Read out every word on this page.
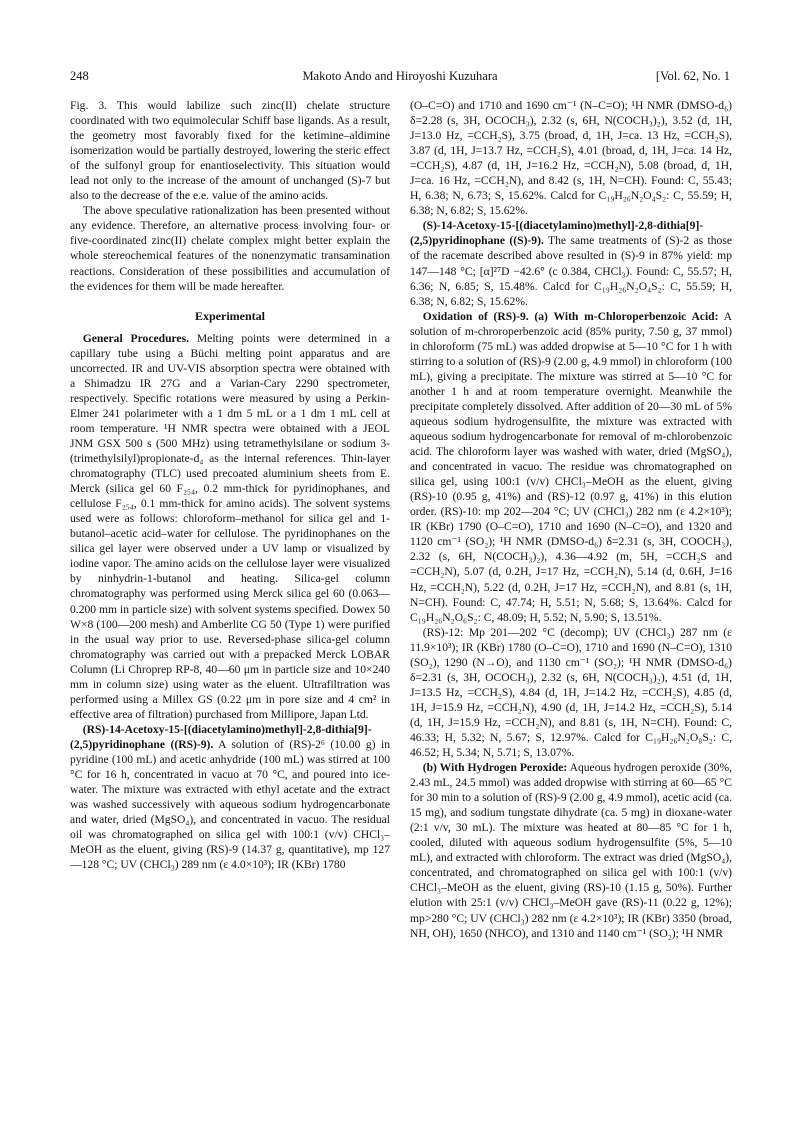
248	Makoto Ando and Hiroyoshi Kuzuhara	[Vol. 62, No. 1

Fig. 3. This would labilize such zinc(II) chelate structure coordinated with two equimolecular Schiff base ligands. As a result, the geometry most favorably fixed for the ketimine–aldimine isomerization would be partially destroyed, lowering the steric effect of the sulfonyl group for enantioselectivity. This situation would lead not only to the increase of the amount of unchanged (S)-7 but also to the decrease of the e.e. value of the amino acids.

The above speculative rationalization has been presented without any evidence. Therefore, an alternative process involving four- or five-coordinated zinc(II) chelate complex might better explain the whole stereochemical features of the nonenzymatic transamination reactions. Consideration of these possibilities and accumulation of the evidences for them will be made hereafter.

Experimental

General Procedures. Melting points were determined in a capillary tube using a Büchi melting point apparatus and are uncorrected. IR and UV-VIS absorption spectra were obtained with a Shimadzu IR 27G and a Varian-Cary 2290 spectrometer, respectively. Specific rotations were measured by using a Perkin-Elmer 241 polarimeter with a 1 dm 5 mL or a 1 dm 1 mL cell at room temperature. ¹H NMR spectra were obtained with a JEOL JNM GSX 500 s (500 MHz) using tetramethylsilane or sodium 3-(trimethylsilyl)propionate-d₄ as the internal references. Thin-layer chromatography (TLC) used precoated aluminium sheets from E. Merck (silica gel 60 F₂₅₄, 0.2 mm-thick for pyridinophanes, and cellulose F₂₅₄, 0.1 mm-thick for amino acids). The solvent systems used were as follows: chloroform–methanol for silica gel and 1-butanol–acetic acid–water for cellulose. The pyridinophanes on the silica gel layer were observed under a UV lamp or visualized by iodine vapor. The amino acids on the cellulose layer were visualized by ninhydrin-1-butanol and heating. Silica-gel column chromatography was performed using Merck silica gel 60 (0.063—0.200 mm in particle size) with solvent systems specified. Dowex 50 W×8 (100—200 mesh) and Amberlite CG 50 (Type 1) were purified in the usual way prior to use. Reversed-phase silica-gel column chromatography was carried out with a prepacked Merck LOBAR Column (Li Chroprep RP-8, 40—60 μm in particle size and 10×240 mm in column size) using water as the eluent. Ultrafiltration was performed using a Millex GS (0.22 μm in pore size and 4 cm² in effective area of filtration) purchased from Millipore, Japan Ltd.

(RS)-14-Acetoxy-15-[(diacetylamino)methyl]-2,8-dithia[9]-(2,5)pyridinophane ((RS)-9). A solution of (RS)-2⁶ (10.00 g) in pyridine (100 mL) and acetic anhydride (100 mL) was stirred at 100 °C for 16 h, concentrated in vacuo at 70 °C, and poured into ice-water. The mixture was extracted with ethyl acetate and the extract was washed successively with aqueous sodium hydrogencarbonate and water, dried (MgSO₄), and concentrated in vacuo. The residual oil was chromatographed on silica gel with 100:1 (v/v) CHCl₃–MeOH as the eluent, giving (RS)-9 (14.37 g, quantitative), mp 127—128 °C; UV (CHCl₃) 289 nm (ε 4.0×10³); IR (KBr) 1780

(O–C=O) and 1710 and 1690 cm⁻¹ (N–C=O); ¹H NMR (DMSO-d₆) δ=2.28 (s, 3H, OCOCH₃), 2.32 (s, 6H, N(COCH₃)₂), 3.52 (d, 1H, J=13.0 Hz, =CCH₂S), 3.75 (broad, d, 1H, J=ca. 13 Hz, =CCH₂S), 3.87 (d, 1H, J=13.7 Hz, =CCH₂S), 4.01 (broad, d, 1H, J=ca. 14 Hz, =CCH₂S), 4.87 (d, 1H, J=16.2 Hz, =CCH₂N), 5.08 (broad, d, 1H, J=ca. 16 Hz, =CCH₂N), and 8.42 (s, 1H, N=CH). Found: C, 55.43; H, 6.38; N, 6.73; S, 15.62%. Calcd for C₁₉H₂₆N₂O₄S₂: C, 55.59; H, 6.38; N, 6.82; S, 15.62%.

(S)-14-Acetoxy-15-[(diacetylamino)methyl]-2,8-dithia[9]-(2,5)pyridinophane ((S)-9). The same treatments of (S)-2 as those of the racemate described above resulted in (S)-9 in 87% yield: mp 147—148 °C; [α]²⁷D −42.6° (c 0.384, CHCl₃). Found: C, 55.57; H, 6.36; N, 6.85; S, 15.48%. Calcd for C₁₉H₂₆N₂O₄S₂: C, 55.59; H, 6.38; N, 6.82; S, 15.62%.

Oxidation of (RS)-9. (a) With m-Chloroperbenzoic Acid: A solution of m-chroroperbenzoic acid (85% purity, 7.50 g, 37 mmol) in chloroform (75 mL) was added dropwise at 5—10 °C for 1 h with stirring to a solution of (RS)-9 (2.00 g, 4.9 mmol) in chloroform (100 mL), giving a precipitate. The mixture was stirred at 5—10 °C for another 1 h and at room temperature overnight. Meanwhile the precipitate completely dissolved. After addition of 20—30 mL of 5% aqueous sodium hydrogensulfite, the mixture was extracted with aqueous sodium hydrogencarbonate for removal of m-chlorobenzoic acid. The chloroform layer was washed with water, dried (MgSO₄), and concentrated in vacuo. The residue was chromatographed on silica gel, using 100:1 (v/v) CHCl₃–MeOH as the eluent, giving (RS)-10 (0.95 g, 41%) and (RS)-12 (0.97 g, 41%) in this elution order. (RS)-10: mp 202—204 °C; UV (CHCl₃) 282 nm (ε 4.2×10³); IR (KBr) 1790 (O–C=O), 1710 and 1690 (N–C=O), and 1320 and 1120 cm⁻¹ (SO₂); ¹H NMR (DMSO-d₆) δ=2.31 (s, 3H, COOCH₃), 2.32 (s, 6H, N(COCH₃)₂), 4.36—4.92 (m, 5H, =CCH₂S and =CCH₂N), 5.07 (d, 0.2H, J=17 Hz, =CCH₂N), 5.14 (d, 0.6H, J=16 Hz, =CCH₂N), 5.22 (d, 0.2H, J=17 Hz, =CCH₂N), and 8.81 (s, 1H, N=CH). Found: C, 47.74; H, 5.51; N, 5.68; S, 13.64%. Calcd for C₁₉H₂₆N₂O₆S₂: C, 48.09; H, 5.52; N, 5.90; S, 13.51%.

(RS)-12: Mp 201—202 °C (decomp); UV (CHCl₃) 287 nm (ε 11.9×10³); IR (KBr) 1780 (O–C=O), 1710 and 1690 (N–C=O), 1310 (SO₂), 1290 (N→O), and 1130 cm⁻¹ (SO₂); ¹H NMR (DMSO-d₆) δ=2.31 (s, 3H, OCOCH₃), 2.32 (s, 6H, N(COCH₃)₂), 4.51 (d, 1H, J=13.5 Hz, =CCH₂S), 4.84 (d, 1H, J=14.2 Hz, =CCH₂S), 4.85 (d, 1H, J=15.9 Hz, =CCH₂N), 4.90 (d, 1H, J=14.2 Hz, =CCH₂S), 5.14 (d, 1H, J=15.9 Hz, =CCH₂N), and 8.81 (s, 1H, N=CH). Found: C, 46.33; H, 5.32; N, 5.67; S, 12.97%. Calcd for C₁₉H₂₆N₂O₈S₂: C, 46.52; H, 5.34; N, 5.71; S, 13.07%.

(b) With Hydrogen Peroxide: Aqueous hydrogen peroxide (30%, 2.43 mL, 24.5 mmol) was added dropwise with stirring at 60—65 °C for 30 min to a solution of (RS)-9 (2.00 g, 4.9 mmol), acetic acid (ca. 15 mg), and sodium tungstate dihydrate (ca. 5 mg) in dioxane-water (2:1 v/v, 30 mL). The mixture was heated at 80—85 °C for 1 h, cooled, diluted with aqueous sodium hydrogensulfite (5%, 5—10 mL), and extracted with chloroform. The extract was dried (MgSO₄), concentrated, and chromatographed on silica gel with 100:1 (v/v) CHCl₃–MeOH as the eluent, giving (RS)-10 (1.15 g, 50%). Further elution with 25:1 (v/v) CHCl₃–MeOH gave (RS)-11 (0.22 g, 12%); mp>280 °C; UV (CHCl₃) 282 nm (ε 4.2×10³); IR (KBr) 3350 (broad, NH, OH), 1650 (NHCO), and 1310 and 1140 cm⁻¹ (SO₂); ¹H NMR
